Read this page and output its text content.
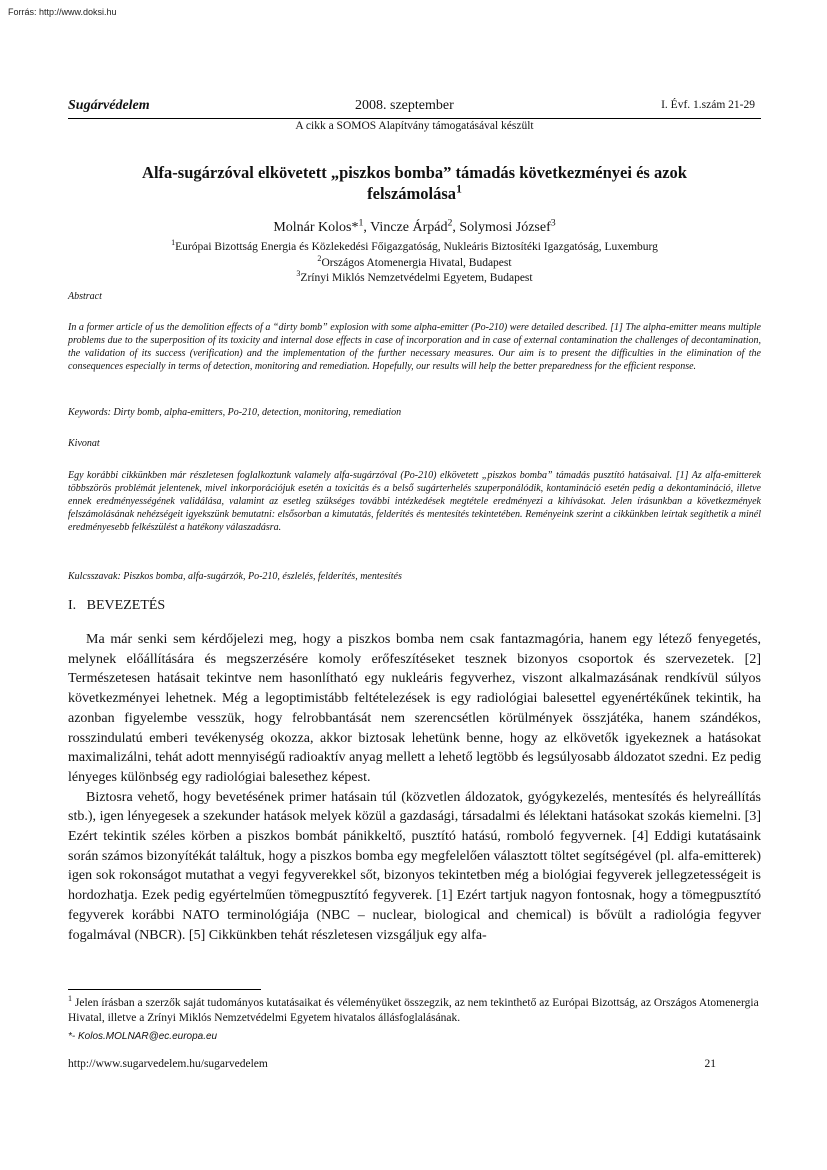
Forrás: http://www.doksi.hu
Sugárvédelem	2008. szeptember	I. Évf. 1.szám 21-29
A cikk a SOMOS Alapítvány támogatásával készült
Alfa-sugárzóval elkövetett „piszkos bomba” támadás következményei és azok
felszámolása$^1$
Molnár Kolos*$^1$, Vincze Árpád$^2$, Solymosi József$^3$
$^1$Európai Bizottság Energia és Közlekedési Főigazgatóság, Nukleáris Biztosítéki Igazgatóság, Luxemburg
$^2$Országos Atomenergia Hivatal, Budapest
$^3$Zrínyi Miklós Nemzetvédelmi Egyetem, Budapest
Abstract
In a former article of us the demolition effects of a “dirty bomb” explosion with some alpha-emitter (Po-210) were detailed described. [1] The alpha-emitter means multiple problems due to the superposition of its toxicity and internal dose effects in case of incorporation and in case of external contamination the challenges of decontamination, the validation of its success (verification) and the implementation of the further necessary measures. Our aim is to present the difficulties in the elimination of the consequences especially in terms of detection, monitoring and remediation. Hopefully, our results will help the better preparedness for the efficient response.
Keywords: Dirty bomb, alpha-emitters, Po-210, detection, monitoring, remediation
Kivonat
Egy korábbi cikkünkben már részletesen foglalkoztunk valamely alfa-sugárzóval (Po-210) elkövetett „piszkos bomba” támadás pusztító hatásaival. [1] Az alfa-emitterek többszörös problémát jelentenek, mivel inkorporációjuk esetén a toxicitás és a belső sugárterhelés szuperponálódik, kontamináció esetén pedig a dekontamináció, illetve ennek eredményességének validálása, valamint az esetleg szükséges további intézkedések megtétele eredményezi a kihívásokat. Jelen írásunkban a következmények felszámolásának nehézségeit igyekszünk bemutatni: elsősorban a kimutatás, felderítés és mentesítés tekintetében. Reményeink szerint a cikkünkben leírtak segíthetik a minél eredményesebb felkészülést a hatékony válaszadásra.
Kulcsszavak: Piszkos bomba, alfa-sugárzók, Po-210, észlelés, felderítés, mentesítés
I.   BEVEZETÉS

Ma már senki sem kérdőjelezi meg, hogy a piszkos bomba nem csak fantazmagória, hanem egy létező fenyegetés, melynek előállítására és megszerzésére komoly erőfeszítéseket tesznek bizonyos csoportok és szervezetek. [2] Természetesen hatásait tekintve nem hasonlítható egy nukleáris fegyverhez, viszont alkalmazásának rendkívül súlyos következményei lehetnek. Még a legoptimistább feltételezések is egy radiológiai balesettel egyenértékűnek tekintik, ha azonban figyelembe vesszük, hogy felrobbantását nem szerencsétlen körülmények összjátéka, hanem szándékos, rosszindulatú emberi tevékenység okozza, akkor biztosak lehetünk benne, hogy az elkövetők igyekeznek a hatásokat maximalizálni, tehát adott mennyiségű radioaktív anyag mellett a lehető legtöbb és legsúlyosabb áldozatot szedni. Ez pedig lényeges különbség egy radiológiai balesethez képest.

Biztosra vehető, hogy bevetésének primer hatásain túl (közvetlen áldozatok, gyógykezelés, mentesítés és helyreállítás stb.), igen lényegesek a szekunder hatások melyek közül a gazdasági, társadalmi és lélektani hatásokat szokás kiemelni. [3] Ezért tekintik széles körben a piszkos bombát pánikkeltő, pusztító hatású, romboló fegyvernek. [4] Eddigi kutatásaink során számos bizonyítékát találtuk, hogy a piszkos bomba egy megfelelően választott töltet segítségével (pl. alfa-emitterek) igen sok rokonságot mutathat a vegyi fegyverekkel sőt, bizonyos tekintetben még a biológiai fegyverek jellegzetességeit is hordozhatja. Ezek pedig egyértelműen tömegpusztító fegyverek. [1] Ezért tartjuk nagyon fontosnak, hogy a tömegpusztító fegyverek korábbi NATO terminológiája (NBC – nuclear, biological and chemical) is bővült a radiológia fegyver fogalmával (NBCR). [5] Cikkünkben tehát részletesen vizsgáljuk egy alfa-

$^1$ Jelen írásban a szerzők saját tudományos kutatásaikat és véleményüket összegzik, az nem tekinthető az Európai Bizottság, az Országos Atomenergia Hivatal, illetve a Zrínyi Miklós Nemzetvédelmi Egyetem hivatalos állásfoglalásának.
*- Kolos.MOLNAR@ec.europa.eu
http://www.sugarvedelem.hu/sugarvedelem	21
